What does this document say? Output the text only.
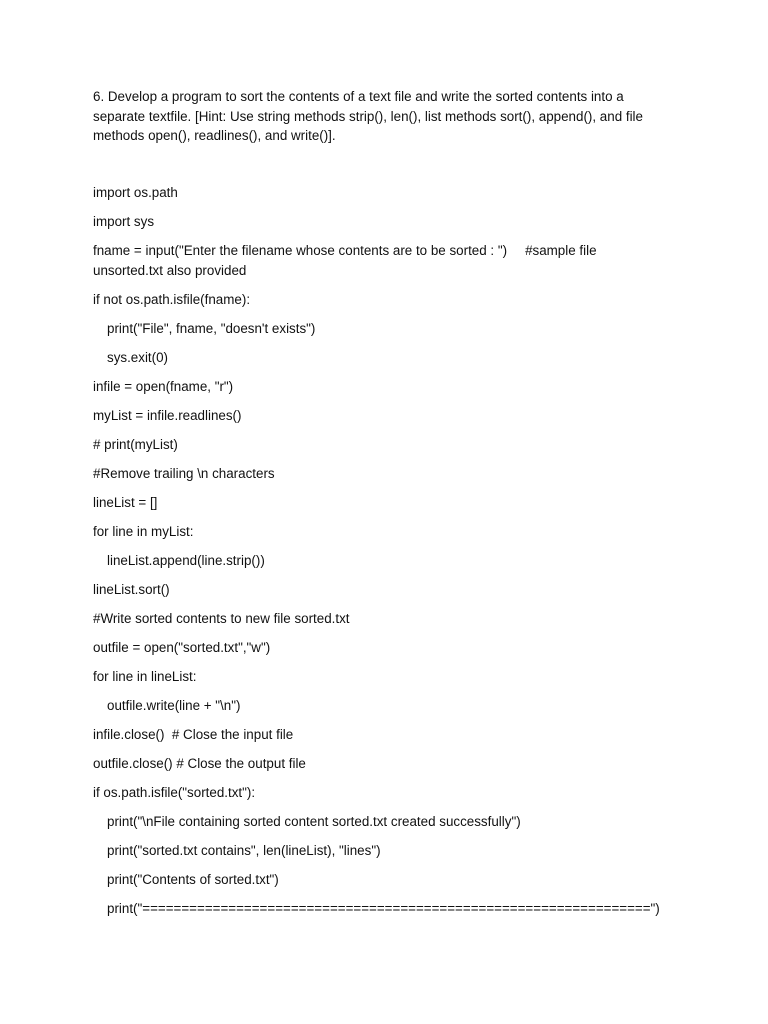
6. Develop a program to sort the contents of a text file and write the sorted contents into a separate textfile. [Hint: Use string methods strip(), len(), list methods sort(), append(), and file methods open(), readlines(), and write()].

import os.path
import sys
fname = input("Enter the filename whose contents are to be sorted : ") #sample file unsorted.txt also provided
if not os.path.isfile(fname):
print("File", fname, "doesn't exists")
sys.exit(0)
infile = open(fname, "r")
myList = infile.readlines()
# print(myList)
#Remove trailing \n characters
lineList = []
for line in myList:
lineList.append(line.strip())
lineList.sort()
#Write sorted contents to new file sorted.txt
outfile = open("sorted.txt","w")
for line in lineList:
outfile.write(line + "\n")
infile.close()  # Close the input file
outfile.close() # Close the output file
if os.path.isfile("sorted.txt"):
print("\nFile containing sorted content sorted.txt created successfully")
print("sorted.txt contains", len(lineList), "lines")
print("Contents of sorted.txt")
print("=================================================================")
